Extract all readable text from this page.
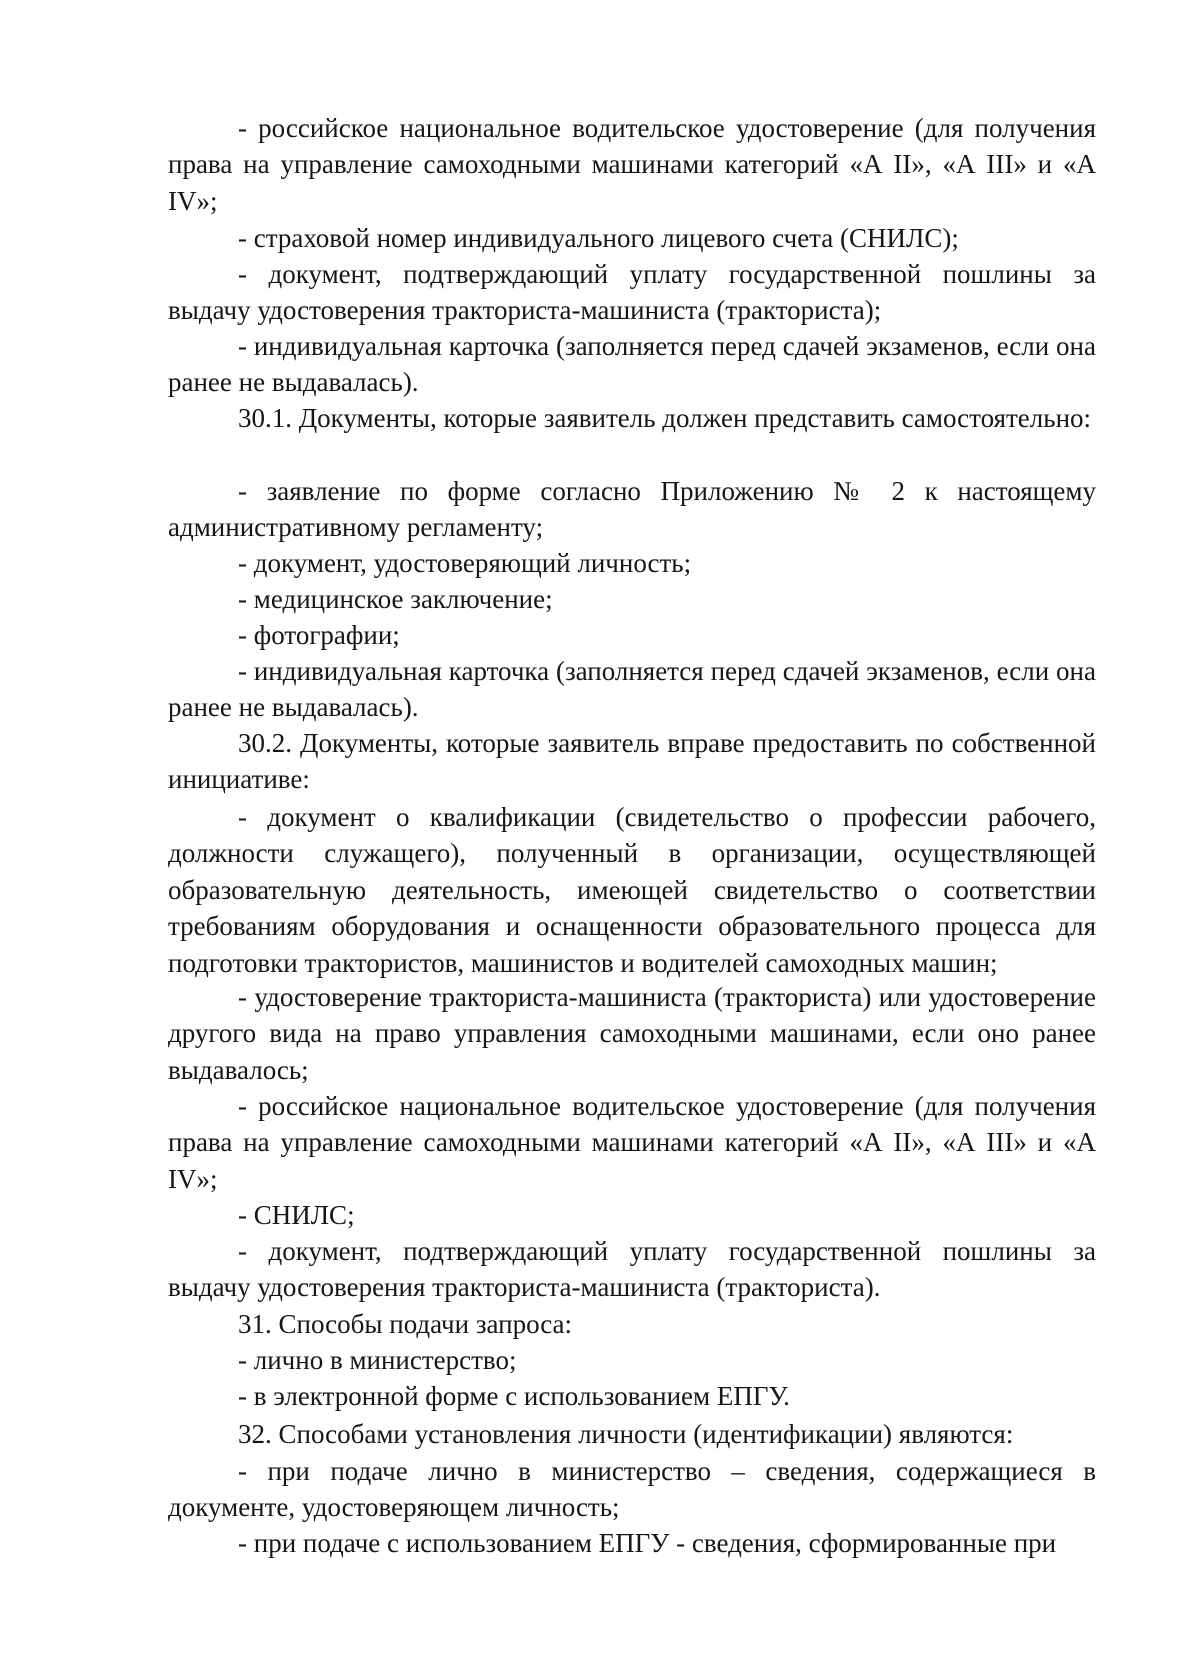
- российское национальное водительское удостоверение (для получения права на управление самоходными машинами категорий «А II», «А III» и «А IV»;

- страховой номер индивидуального лицевого счета (СНИЛС);

- документ, подтверждающий уплату государственной пошлины за выдачу удостоверения тракториста-машиниста (тракториста);

- индивидуальная карточка (заполняется перед сдачей экзаменов, если она ранее не выдавалась).

30.1. Документы, которые заявитель должен представить самостоятельно:

- заявление по форме согласно Приложению № 2 к настоящему административному регламенту;

- документ, удостоверяющий личность;

- медицинское заключение;

- фотографии;

- индивидуальная карточка (заполняется перед сдачей экзаменов, если она ранее не выдавалась).

30.2. Документы, которые заявитель вправе предоставить по собственной инициативе:

- документ о квалификации (свидетельство о профессии рабочего, должности служащего), полученный в организации, осуществляющей образовательную деятельность, имеющей свидетельство о соответствии требованиям оборудования и оснащенности образовательного процесса для подготовки трактористов, машинистов и водителей самоходных машин;

- удостоверение тракториста-машиниста (тракториста) или удостоверение другого вида на право управления самоходными машинами, если оно ранее выдавалось;

- российское национальное водительское удостоверение (для получения права на управление самоходными машинами категорий «А II», «А III» и «А IV»;

- СНИЛС;

- документ, подтверждающий уплату государственной пошлины за выдачу удостоверения тракториста-машиниста (тракториста).

31. Способы подачи запроса:

- лично в министерство;

- в электронной форме с использованием ЕПГУ.

32. Способами установления личности (идентификации) являются:

- при подаче лично в министерство – сведения, содержащиеся в документе, удостоверяющем личность;

- при подаче с использованием ЕПГУ - сведения, сформированные при
